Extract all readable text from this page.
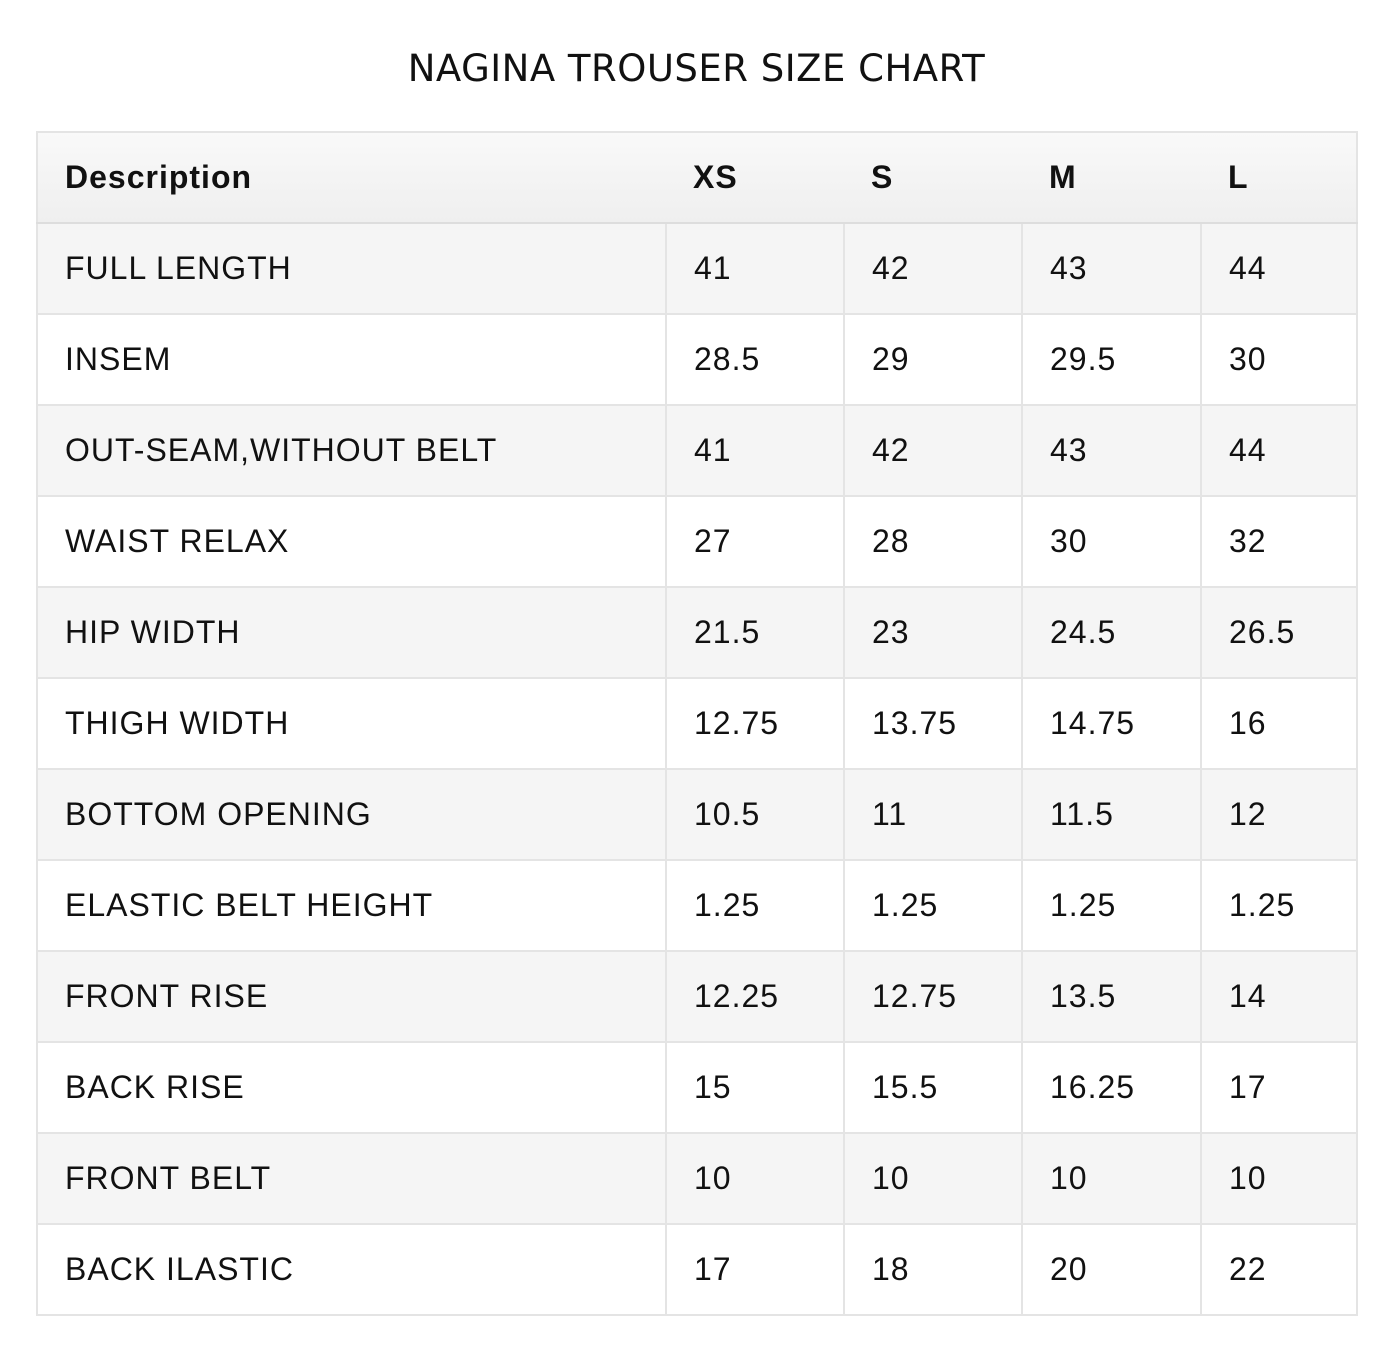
NAGINA TROUSER SIZE CHART
Description	XS	S	M	L
FULL LENGTH	41	42	43	44
INSEM	28.5	29	29.5	30
OUT-SEAM,WITHOUT BELT	41	42	43	44
WAIST RELAX	27	28	30	32
HIP WIDTH	21.5	23	24.5	26.5
THIGH WIDTH	12.75	13.75	14.75	16
BOTTOM OPENING	10.5	11	11.5	12
ELASTIC BELT HEIGHT	1.25	1.25	1.25	1.25
FRONT RISE	12.25	12.75	13.5	14
BACK RISE	15	15.5	16.25	17
FRONT BELT	10	10	10	10
BACK ILASTIC	17	18	20	22
